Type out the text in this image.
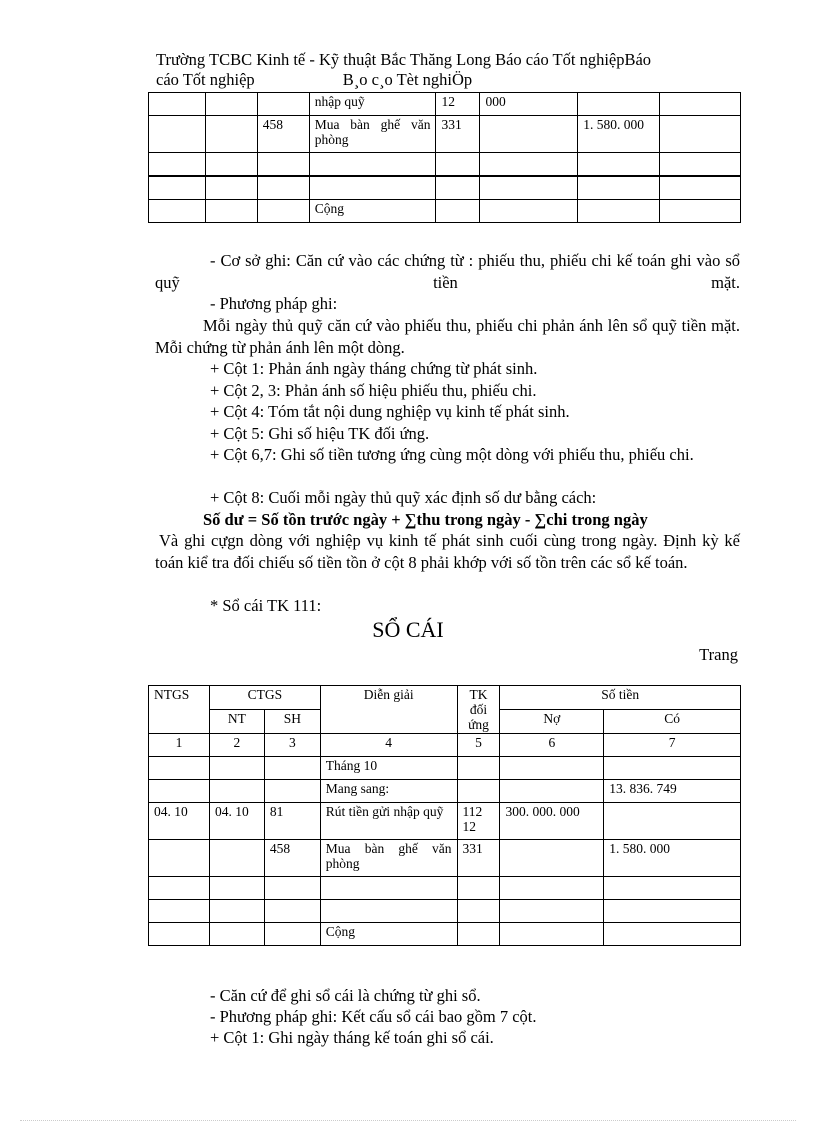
Trường TCBC Kinh tế - Kỹ thuật Bắc Thăng Long Báo cáo Tốt nghiệpBáo
cáo Tốt nghiệp	B¸o c¸o Tèt nghiÖp
			nhập quỹ	12	000		
		458	Mua bàn ghế văn phòng	331		1. 580. 000	

			Cộng				
- Cơ sở ghi: Căn cứ vào các chứng từ : phiếu thu, phiếu chi kế toán ghi vào sổ quỹ tiền mặt.
- Phương pháp ghi:
Mỗi ngày thủ quỹ căn cứ vào phiếu thu, phiếu chi phản ánh lên sổ quỹ tiền mặt. Mỗi chứng từ phản ánh lên một dòng.
+ Cột 1: Phản ánh ngày tháng chứng từ phát sinh.
+ Cột 2, 3: Phản ánh số hiệu phiếu thu, phiếu chi.
+ Cột 4: Tóm tắt nội dung nghiệp vụ kinh tế phát sinh.
+ Cột 5: Ghi số hiệu TK đối ứng.
+ Cột 6,7: Ghi số tiền tương ứng cùng một dòng với phiếu thu, phiếu chi.
+ Cột 8: Cuối mỗi ngày thủ quỹ xác định số dư bằng cách:
Số dư = Số tồn trước ngày + ∑thu trong ngày - ∑chi trong ngày
Và ghi cựgn dòng với nghiệp vụ kinh tế phát sinh cuối cùng trong ngày. Định kỳ kế toán kiể tra đối chiếu số tiền tồn ở cột 8 phải khớp với số tồn trên các sổ kế toán.
* Sổ cái TK 111:
SỔ CÁI
Trang
NTGS	CTGS		Diễn giải	TK đối ứng	Số tiền	
	NT	SH			Nợ	Có
1	2	3	4	5	6	7
			Tháng 10			
			Mang sang:			13. 836. 749
04. 10	04. 10	81	Rút tiền gửi nhập quỹ	112 12	300. 000. 000	
		458	Mua bàn ghế văn phòng	331		1. 580. 000

			Cộng			
- Căn cứ để ghi sổ cái là chứng từ ghi sổ.
- Phương pháp ghi: Kết cấu sổ cái bao gồm 7 cột.
+ Cột 1: Ghi ngày tháng kế toán ghi sổ cái.
